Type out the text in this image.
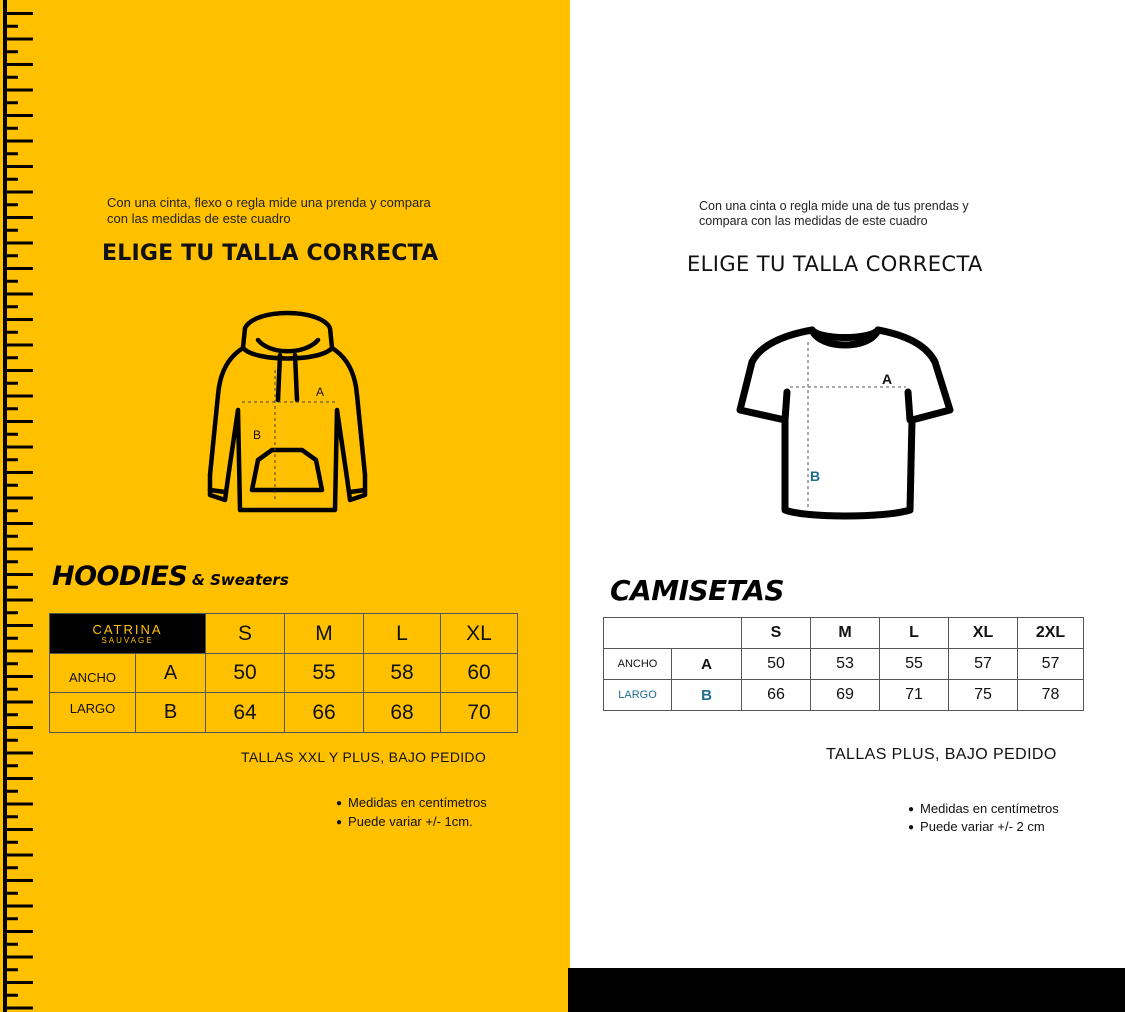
Con una cinta, flexo o regla mide una prenda y compara
con las medidas de este cuadro
ELIGE TU TALLA CORRECTA
A
B
HOODIES & Sweaters
CATRINA
SAUVAGE		S	M	L	XL
ANCHO	A	50	55	58	60
LARGO	B	64	66	68	70
TALLAS XXL Y PLUS, BAJO PEDIDO
● Medidas en centímetros
● Puede variar +/- 1cm.
Con una cinta o regla mide una de tus prendas y
compara con las medidas de este cuadro
ELIGE TU TALLA CORRECTA
A
B
CAMISETAS
		S	M	L	XL	2XL
ANCHO	A	50	53	55	57	57
LARGO	B	66	69	71	75	78
TALLAS PLUS, BAJO PEDIDO
● Medidas en centímetros
● Puede variar +/- 2 cm
